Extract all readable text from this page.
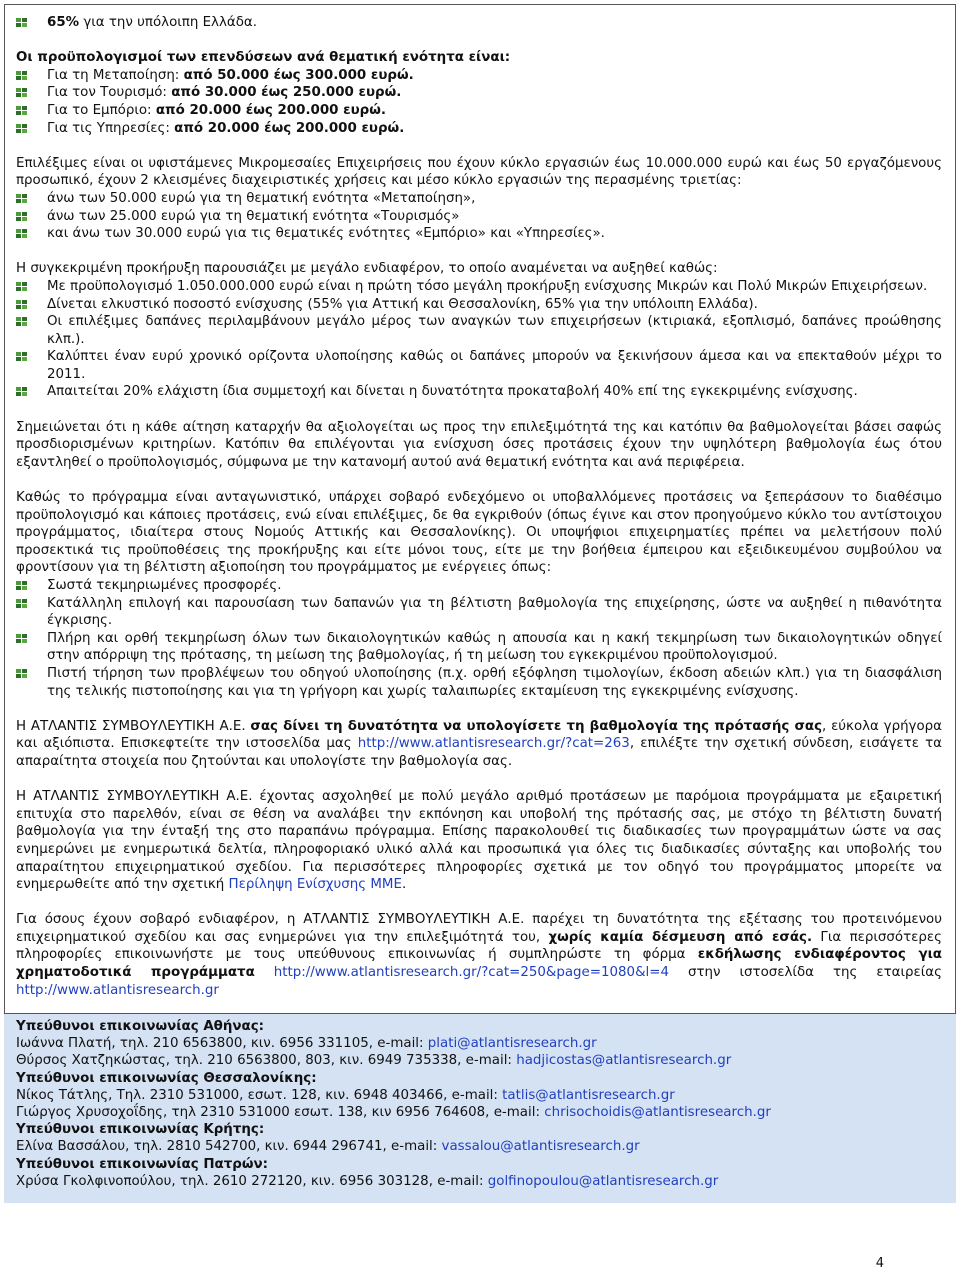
65% για την υπόλοιπη Ελλάδα.

Οι προϋπολογισμοί των επενδύσεων ανά θεματική ενότητα είναι:

Για τη Μεταποίηση: από 50.000 έως 300.000 ευρώ.

Για τον Τουρισμό: από 30.000 έως 250.000 ευρώ.

Για το Εμπόριο: από 20.000 έως 200.000 ευρώ.

Για τις Υπηρεσίες: από 20.000 έως 200.000 ευρώ.

Επιλέξιμες είναι οι υφιστάμενες Μικρομεσαίες Επιχειρήσεις που έχουν κύκλο εργασιών έως 10.000.000 ευρώ και έως 50 εργαζόμενους προσωπικό, έχουν 2 κλεισμένες διαχειριστικές χρήσεις και μέσο κύκλο εργασιών της περασμένης τριετίας:

άνω των 50.000 ευρώ για τη θεματική ενότητα «Μεταποίηση»,

άνω των 25.000 ευρώ για τη θεματική ενότητα «Τουρισμός»

και άνω των 30.000 ευρώ για τις θεματικές ενότητες «Εμπόριο» και «Υπηρεσίες».

Η συγκεκριμένη προκήρυξη παρουσιάζει με μεγάλο ενδιαφέρον, το οποίο αναμένεται να αυξηθεί καθώς:

Με προϋπολογισμό 1.050.000.000 ευρώ είναι η πρώτη τόσο μεγάλη προκήρυξη ενίσχυσης Μικρών και Πολύ Μικρών Επιχειρήσεων.

Δίνεται ελκυστικό ποσοστό ενίσχυσης (55% για Αττική και Θεσσαλονίκη, 65% για την υπόλοιπη Ελλάδα).

Οι επιλέξιμες δαπάνες περιλαμβάνουν μεγάλο μέρος των αναγκών των επιχειρήσεων (κτιριακά, εξοπλισμό, δαπάνες προώθησης κλπ.).

Καλύπτει έναν ευρύ χρονικό ορίζοντα υλοποίησης καθώς οι δαπάνες μπορούν να ξεκινήσουν άμεσα και να επεκταθούν μέχρι το 2011.

Απαιτείται 20% ελάχιστη ίδια συμμετοχή και δίνεται η δυνατότητα προκαταβολή 40% επί της εγκεκριμένης ενίσχυσης.

Σημειώνεται ότι η κάθε αίτηση καταρχήν θα αξιολογείται ως προς την επιλεξιμότητά της και κατόπιν θα βαθμολογείται βάσει σαφώς προσδιορισμένων κριτηρίων. Κατόπιν θα επιλέγονται για ενίσχυση όσες προτάσεις έχουν την υψηλότερη βαθμολογία έως ότου εξαντληθεί ο προϋπολογισμός, σύμφωνα με την κατανομή αυτού ανά θεματική ενότητα και ανά περιφέρεια.

Καθώς το πρόγραμμα είναι ανταγωνιστικό, υπάρχει σοβαρό ενδεχόμενο οι υποβαλλόμενες προτάσεις να ξεπεράσουν το διαθέσιμο προϋπολογισμό και κάποιες προτάσεις, ενώ είναι επιλέξιμες, δε θα εγκριθούν (όπως έγινε και στον προηγούμενο κύκλο του αντίστοιχου προγράμματος, ιδιαίτερα στους Νομούς Αττικής και Θεσσαλονίκης). Οι υποψήφιοι επιχειρηματίες πρέπει να μελετήσουν πολύ προσεκτικά τις προϋποθέσεις της προκήρυξης και είτε μόνοι τους, είτε με την βοήθεια έμπειρου και εξειδικευμένου συμβούλου να φροντίσουν για τη βέλτιστη αξιοποίηση του προγράμματος με ενέργειες όπως:

Σωστά τεκμηριωμένες προσφορές.

Κατάλληλη επιλογή και παρουσίαση των δαπανών για τη βέλτιστη βαθμολογία της επιχείρησης, ώστε να αυξηθεί η πιθανότητα έγκρισης.

Πλήρη και ορθή τεκμηρίωση όλων των δικαιολογητικών καθώς η απουσία και η κακή τεκμηρίωση των δικαιολογητικών οδηγεί στην απόρριψη της πρότασης, τη μείωση της βαθμολογίας, ή τη μείωση του εγκεκριμένου προϋπολογισμού.

Πιστή τήρηση των προβλέψεων του οδηγού υλοποίησης (π.χ. ορθή εξόφληση τιμολογίων, έκδοση αδειών κλπ.) για τη διασφάλιση της τελικής πιστοποίησης και για τη γρήγορη και χωρίς ταλαιπωρίες εκταμίευση της εγκεκριμένης ενίσχυσης.

Η ΑΤΛΑΝΤΙΣ ΣΥΜΒΟΥΛΕΥΤΙΚΗ Α.Ε. σας δίνει τη δυνατότητα να υπολογίσετε τη βαθμολογία της πρότασής σας, εύκολα γρήγορα και αξιόπιστα. Επισκεφτείτε την ιστοσελίδα μας http://www.atlantisresearch.gr/?cat=263, επιλέξτε την σχετική σύνδεση, εισάγετε τα απαραίτητα στοιχεία που ζητούνται και υπολογίστε την βαθμολογία σας.

Η ΑΤΛΑΝΤΙΣ ΣΥΜΒΟΥΛΕΥΤΙΚΗ Α.Ε. έχοντας ασχοληθεί με πολύ μεγάλο αριθμό προτάσεων με παρόμοια προγράμματα με εξαιρετική επιτυχία στο παρελθόν, είναι σε θέση να αναλάβει την εκπόνηση και υποβολή της πρότασής σας, με στόχο τη βέλτιστη δυνατή βαθμολογία για την ένταξή της στο παραπάνω πρόγραμμα. Επίσης παρακολουθεί τις διαδικασίες των προγραμμάτων ώστε να σας ενημερώνει με ενημερωτικά δελτία, πληροφοριακό υλικό αλλά και προσωπικά για όλες τις διαδικασίες σύνταξης και υποβολής του απαραίτητου επιχειρηματικού σχεδίου. Για περισσότερες πληροφορίες σχετικά με τον οδηγό του προγράμματος μπορείτε να ενημερωθείτε από την σχετική Περίληψη Ενίσχυσης ΜΜΕ.

Για όσους έχουν σοβαρό ενδιαφέρον, η ΑΤΛΑΝΤΙΣ ΣΥΜΒΟΥΛΕΥΤΙΚΗ Α.Ε. παρέχει τη δυνατότητα της εξέτασης του προτεινόμενου επιχειρηματικού σχεδίου και σας ενημερώνει για την επιλεξιμότητά του, χωρίς καμία δέσμευση από εσάς. Για περισσότερες πληροφορίες επικοινωνήστε με τους υπεύθυνους επικοινωνίας ή συμπληρώστε τη φόρμα εκδήλωσης ενδιαφέροντος για χρηματοδοτικά προγράμματα http://www.atlantisresearch.gr/?cat=250&page=1080&l=4 στην ιστοσελίδα της εταιρείας http://www.atlantisresearch.gr

Υπεύθυνοι επικοινωνίας Αθήνας:

Ιωάννα Πλατή, τηλ. 210 6563800, κιν. 6956 331105, e-mail: plati@atlantisresearch.gr

Θύρσος Χατζηκώστας, τηλ. 210 6563800, 803, κιν. 6949 735338, e-mail: hadjicostas@atlantisresearch.gr

Υπεύθυνοι επικοινωνίας Θεσσαλονίκης:

Νίκος Τάτλης, Τηλ. 2310 531000, εσωτ. 128, κιν. 6948 403466, e-mail: tatlis@atlantisresearch.gr

Γιώργος Χρυσοχοΐδης, τηλ 2310 531000 εσωτ. 138, κιν 6956 764608, e-mail: chrisochoidis@atlantisresearch.gr

Υπεύθυνοι επικοινωνίας Κρήτης:

Ελίνα Βασσάλου, τηλ. 2810 542700, κιν. 6944 296741, e-mail: vassalou@atlantisresearch.gr

Υπεύθυνοι επικοινωνίας Πατρών:

Χρύσα Γκολφινοπούλου, τηλ. 2610 272120, κιν. 6956 303128, e-mail: golfinopoulou@atlantisresearch.gr

4
